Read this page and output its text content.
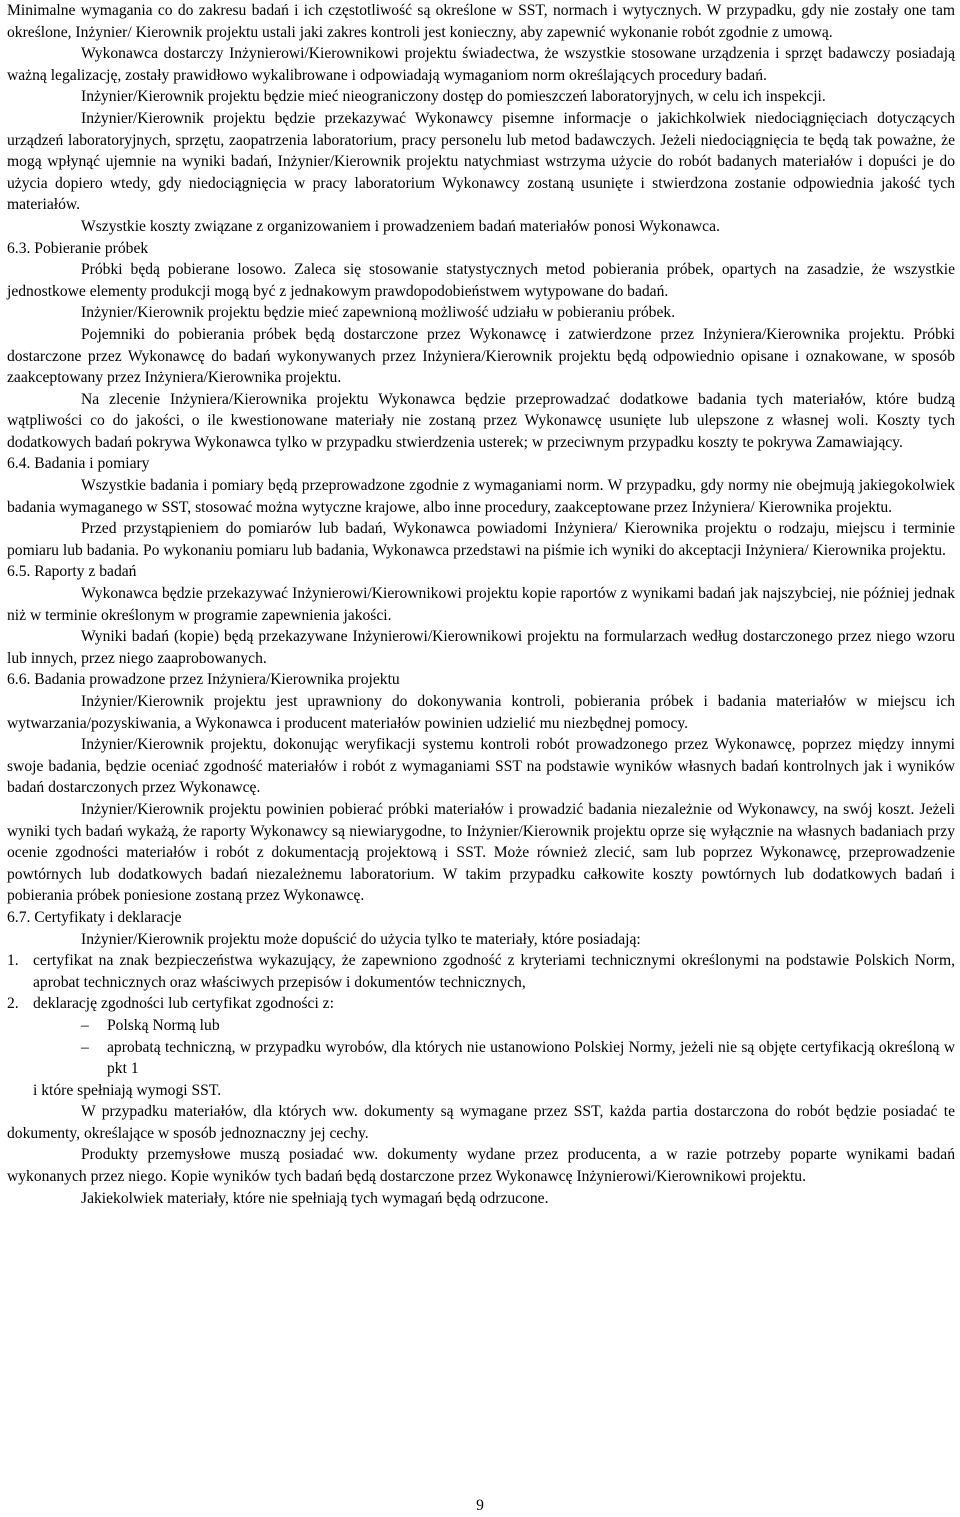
Minimalne wymagania co do zakresu badań i ich częstotliwość są określone w SST, normach i wytycznych. W przypadku, gdy nie zostały one tam określone, Inżynier/ Kierownik projektu ustali jaki zakres kontroli jest konieczny, aby zapewnić wykonanie robót zgodnie z umową.

Wykonawca dostarczy Inżynierowi/Kierownikowi projektu świadectwa, że wszystkie stosowane urządzenia i sprzęt badawczy posiadają ważną legalizację, zostały prawidłowo wykalibrowane i odpowiadają wymaganiom norm określających procedury badań.

Inżynier/Kierownik projektu będzie mieć nieograniczony dostęp do pomieszczeń laboratoryjnych, w celu ich inspekcji.

Inżynier/Kierownik projektu będzie przekazywać Wykonawcy pisemne informacje o jakichkolwiek niedociągnięciach dotyczących urządzeń laboratoryjnych, sprzętu, zaopatrzenia laboratorium, pracy personelu lub metod badawczych. Jeżeli niedociągnięcia te będą tak poważne, że mogą wpłynąć ujemnie na wyniki badań, Inżynier/Kierownik projektu natychmiast wstrzyma użycie do robót badanych materiałów i dopuści je do użycia dopiero wtedy, gdy niedociągnięcia w pracy laboratorium Wykonawcy zostaną usunięte i stwierdzona zostanie odpowiednia jakość tych materiałów.

Wszystkie koszty związane z organizowaniem i prowadzeniem badań materiałów ponosi Wykonawca.

6.3. Pobieranie próbek

Próbki będą pobierane losowo. Zaleca się stosowanie statystycznych metod pobierania próbek, opartych na zasadzie, że wszystkie jednostkowe elementy produkcji mogą być z jednakowym prawdopodobieństwem wytypowane do badań.

Inżynier/Kierownik projektu będzie mieć zapewnioną możliwość udziału w pobieraniu próbek.

Pojemniki do pobierania próbek będą dostarczone przez Wykonawcę i zatwierdzone przez Inżyniera/Kierownika projektu. Próbki dostarczone przez Wykonawcę do badań wykonywanych przez Inżyniera/Kierownik projektu będą odpowiednio opisane i oznakowane, w sposób zaakceptowany przez Inżyniera/Kierownika projektu.

Na zlecenie Inżyniera/Kierownika projektu Wykonawca będzie przeprowadzać dodatkowe badania tych materiałów, które budzą wątpliwości co do jakości, o ile kwestionowane materiały nie zostaną przez Wykonawcę usunięte lub ulepszone z własnej woli. Koszty tych dodatkowych badań pokrywa Wykonawca tylko w przypadku stwierdzenia usterek; w przeciwnym przypadku koszty te pokrywa Zamawiający.

6.4. Badania i pomiary

Wszystkie badania i pomiary będą przeprowadzone zgodnie z wymaganiami norm. W przypadku, gdy normy nie obejmują jakiegokolwiek badania wymaganego w SST, stosować można wytyczne krajowe, albo inne procedury, zaakceptowane przez Inżyniera/ Kierownika projektu.

Przed przystąpieniem do pomiarów lub badań, Wykonawca powiadomi Inżyniera/ Kierownika projektu o rodzaju, miejscu i terminie pomiaru lub badania. Po wykonaniu pomiaru lub badania, Wykonawca przedstawi na piśmie ich wyniki do akceptacji Inżyniera/ Kierownika projektu.

6.5. Raporty z badań

Wykonawca będzie przekazywać Inżynierowi/Kierownikowi projektu kopie raportów z wynikami badań jak najszybciej, nie później jednak niż w terminie określonym w programie zapewnienia jakości.

Wyniki badań (kopie) będą przekazywane Inżynierowi/Kierownikowi projektu na formularzach według dostarczonego przez niego wzoru lub innych, przez niego zaaprobowanych.

6.6. Badania prowadzone przez Inżyniera/Kierownika projektu

Inżynier/Kierownik projektu jest uprawniony do dokonywania kontroli, pobierania próbek i badania materiałów w miejscu ich wytwarzania/pozyskiwania, a Wykonawca i producent materiałów powinien udzielić mu niezbędnej pomocy.

Inżynier/Kierownik projektu, dokonując weryfikacji systemu kontroli robót prowadzonego przez Wykonawcę, poprzez między innymi swoje badania, będzie oceniać zgodność materiałów i robót z wymaganiami SST na podstawie wyników własnych badań kontrolnych jak i wyników badań dostarczonych przez Wykonawcę.

Inżynier/Kierownik projektu powinien pobierać próbki materiałów i prowadzić badania niezależnie od Wykonawcy, na swój koszt. Jeżeli wyniki tych badań wykażą, że raporty Wykonawcy są niewiarygodne, to Inżynier/Kierownik projektu oprze się wyłącznie na własnych badaniach przy ocenie zgodności materiałów i robót z dokumentacją projektową i SST. Może również zlecić, sam lub poprzez Wykonawcę, przeprowadzenie powtórnych lub dodatkowych badań niezależnemu laboratorium. W takim przypadku całkowite koszty powtórnych lub dodatkowych badań i pobierania próbek poniesione zostaną przez Wykonawcę.

6.7. Certyfikaty i deklaracje

Inżynier/Kierownik projektu może dopuścić do użycia tylko te materiały, które posiadają:

1. certyfikat na znak bezpieczeństwa wykazujący, że zapewniono zgodność z kryteriami technicznymi określonymi na podstawie Polskich Norm, aprobat technicznych oraz właściwych przepisów i dokumentów technicznych,
2. deklarację zgodności lub certyfikat zgodności z:
–	Polską Normą lub
–	aprobatą techniczną, w przypadku wyrobów, dla których nie ustanowiono Polskiej Normy, jeżeli nie są objęte certyfikacją określoną w pkt 1

i które spełniają wymogi SST.

W przypadku materiałów, dla których ww. dokumenty są wymagane przez SST, każda partia dostarczona do robót będzie posiadać te dokumenty, określające w sposób jednoznaczny jej cechy.

Produkty przemysłowe muszą posiadać ww. dokumenty wydane przez producenta, a w razie potrzeby poparte wynikami badań wykonanych przez niego. Kopie wyników tych badań będą dostarczone przez Wykonawcę Inżynierowi/Kierownikowi projektu.

Jakiekolwiek materiały, które nie spełniają tych wymagań będą odrzucone.

9
